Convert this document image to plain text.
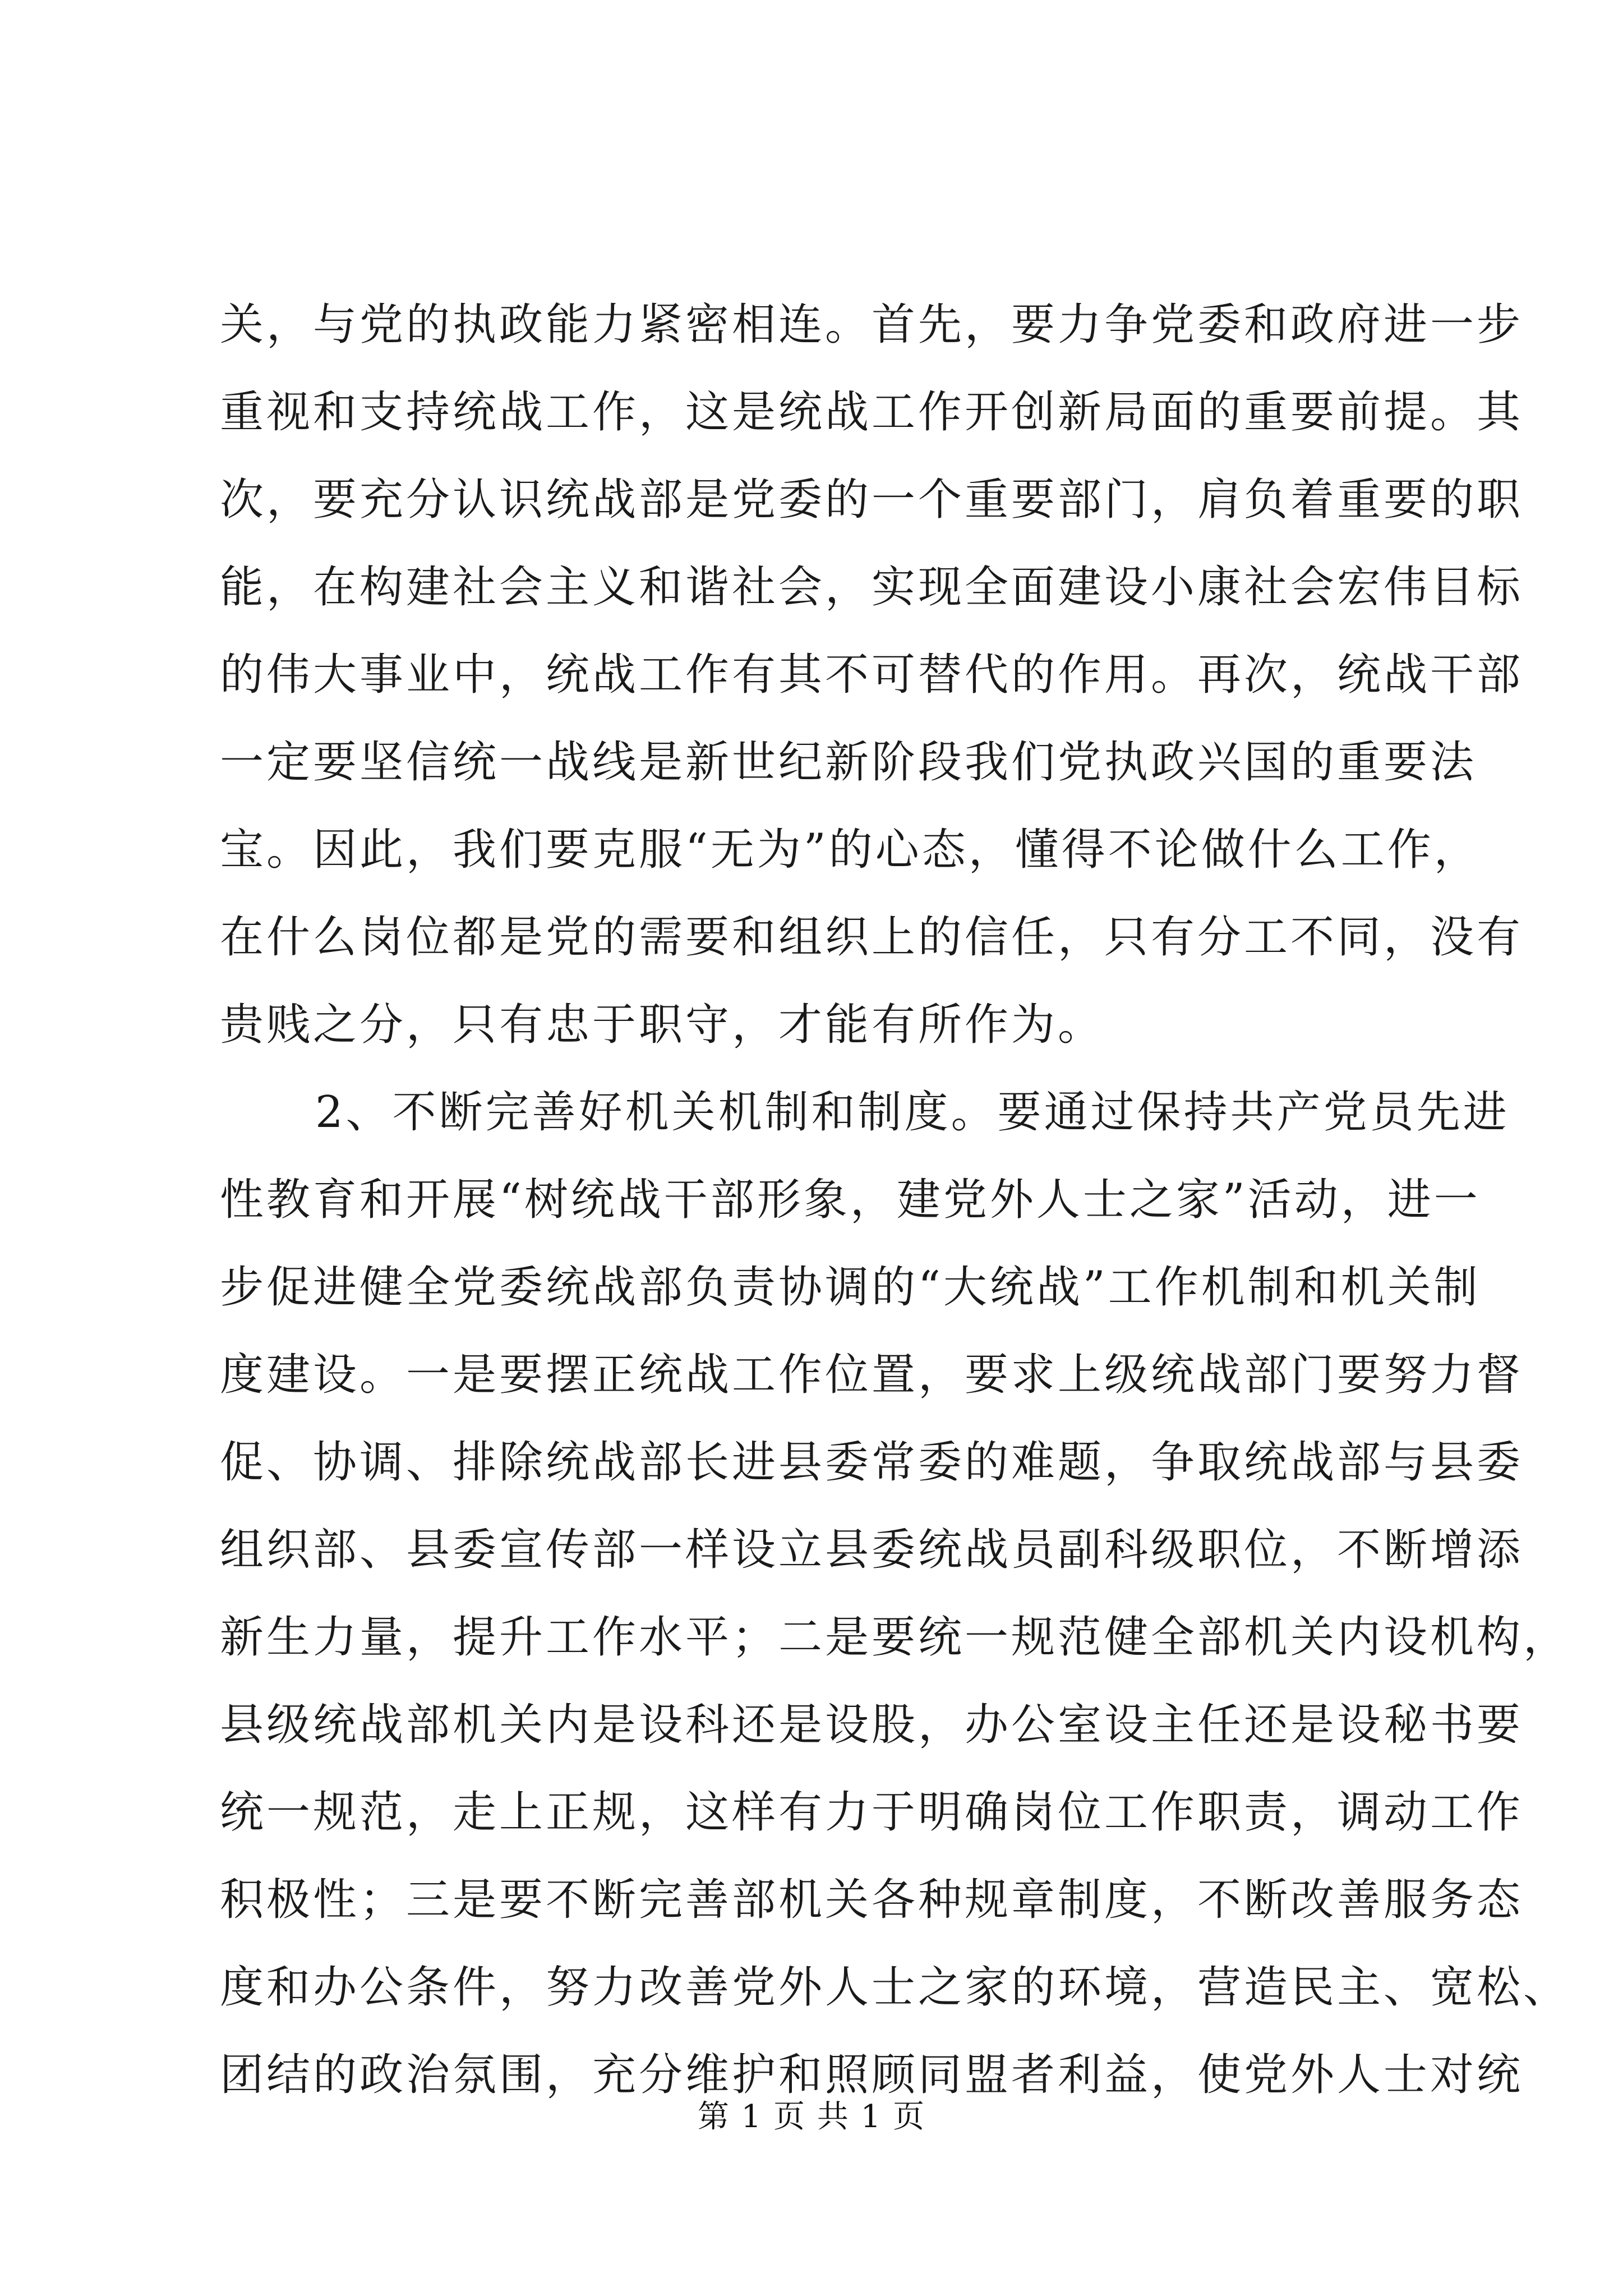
关，与党的执政能力紧密相连。首先，要力争党委和政府进一步
重视和支持统战工作，这是统战工作开创新局面的重要前提。其
次，要充分认识统战部是党委的一个重要部门，肩负着重要的职
能，在构建社会主义和谐社会，实现全面建设小康社会宏伟目标
的伟大事业中，统战工作有其不可替代的作用。再次，统战干部
一定要坚信统一战线是新世纪新阶段我们党执政兴国的重要法
宝。因此，我们要克服“无为”的心态，懂得不论做什么工作，
在什么岗位都是党的需要和组织上的信任，只有分工不同，没有
贵贱之分，只有忠于职守，才能有所作为。
2、不断完善好机关机制和制度。要通过保持共产党员先进
性教育和开展“树统战干部形象，建党外人士之家”活动，进一
步促进健全党委统战部负责协调的“大统战”工作机制和机关制
度建设。一是要摆正统战工作位置，要求上级统战部门要努力督
促、协调、排除统战部长进县委常委的难题，争取统战部与县委
组织部、县委宣传部一样设立县委统战员副科级职位，不断增添
新生力量，提升工作水平；二是要统一规范健全部机关内设机构，
县级统战部机关内是设科还是设股，办公室设主任还是设秘书要
统一规范，走上正规，这样有力于明确岗位工作职责，调动工作
积极性；三是要不断完善部机关各种规章制度，不断改善服务态
度和办公条件，努力改善党外人士之家的环境，营造民主、宽松、
团结的政治氛围，充分维护和照顾同盟者利益，使党外人士对统
第 1 页 共 1 页
